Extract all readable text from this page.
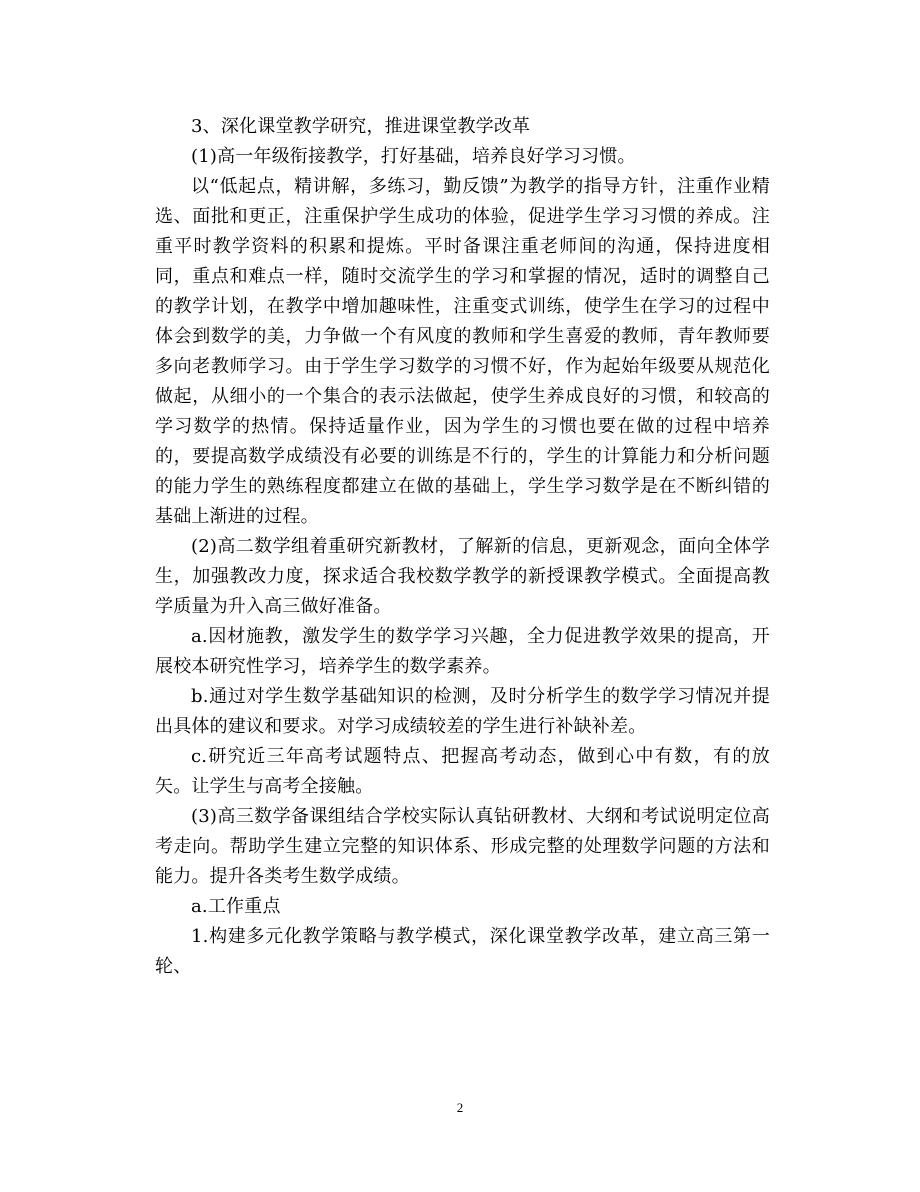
3、深化课堂教学研究，推进课堂教学改革

(1)高一年级衔接教学，打好基础，培养良好学习习惯。

以“低起点，精讲解，多练习，勤反馈”为教学的指导方针，注重作业精选、面批和更正，注重保护学生成功的体验，促进学生学习习惯的养成。注重平时教学资料的积累和提炼。平时备课注重老师间的沟通，保持进度相同，重点和难点一样，随时交流学生的学习和掌握的情况，适时的调整自己的教学计划，在教学中增加趣味性，注重变式训练，使学生在学习的过程中体会到数学的美，力争做一个有风度的教师和学生喜爱的教师，青年教师要多向老教师学习。由于学生学习数学的习惯不好，作为起始年级要从规范化做起，从细小的一个集合的表示法做起，使学生养成良好的习惯，和较高的学习数学的热情。保持适量作业，因为学生的习惯也要在做的过程中培养的，要提高数学成绩没有必要的训练是不行的，学生的计算能力和分析问题的能力学生的熟练程度都建立在做的基础上，学生学习数学是在不断纠错的基础上渐进的过程。

(2)高二数学组着重研究新教材，了解新的信息，更新观念，面向全体学生，加强教改力度，探求适合我校数学教学的新授课教学模式。全面提高教学质量为升入高三做好准备。

a.因材施教，激发学生的数学学习兴趣，全力促进教学效果的提高，开展校本研究性学习，培养学生的数学素养。

b.通过对学生数学基础知识的检测，及时分析学生的数学学习情况并提出具体的建议和要求。对学习成绩较差的学生进行补缺补差。

c.研究近三年高考试题特点、把握高考动态，做到心中有数，有的放矢。让学生与高考全接触。

(3)高三数学备课组结合学校实际认真钻研教材、大纲和考试说明定位高考走向。帮助学生建立完整的知识体系、形成完整的处理数学问题的方法和能力。提升各类考生数学成绩。

a.工作重点

1.构建多元化教学策略与教学模式，深化课堂教学改革，建立高三第一轮、

2
